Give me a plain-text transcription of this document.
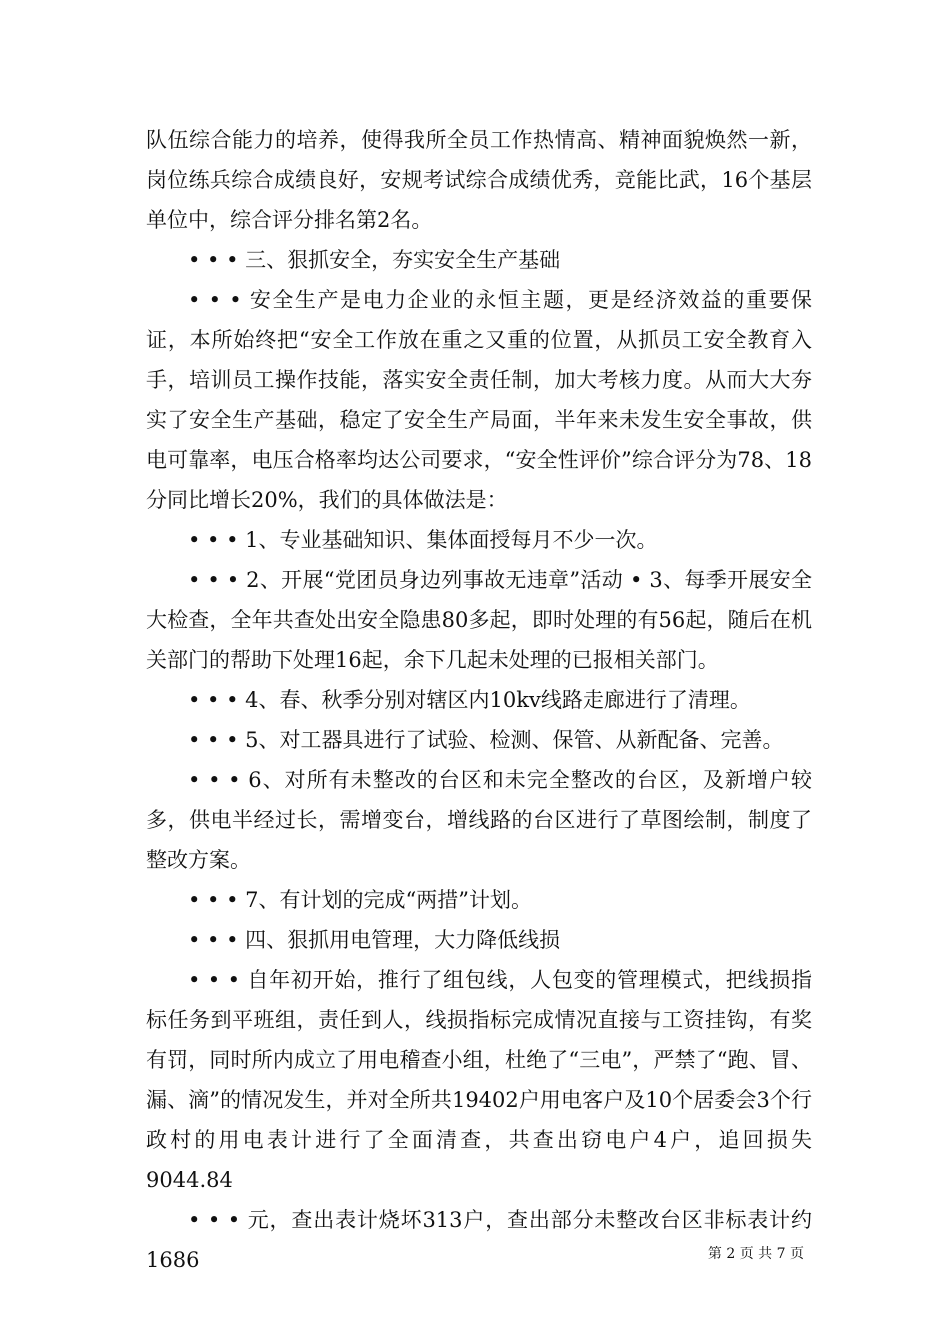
队伍综合能力的培养，使得我所全员工作热情高、精神面貌焕然一新，岗位练兵综合成绩良好，安规考试综合成绩优秀，竞能比武，16个基层单位中，综合评分排名第2名。

• • • 三、狠抓安全，夯实安全生产基础

• • • 安全生产是电力企业的永恒主题，更是经济效益的重要保证，本所始终把“安全工作放在重之又重的位置，从抓员工安全教育入手，培训员工操作技能，落实安全责任制，加大考核力度。从而大大夯实了安全生产基础，稳定了安全生产局面，半年来未发生安全事故，供电可靠率，电压合格率均达公司要求，“安全性评价”综合评分为78、18分同比增长20%，我们的具体做法是：

• • • 1、专业基础知识、集体面授每月不少一次。

• • • 2、开展“党团员身边列事故无违章”活动 • 3、每季开展安全大检查，全年共查处出安全隐患80多起，即时处理的有56起，随后在机关部门的帮助下处理16起，余下几起未处理的已报相关部门。

• • • 4、春、秋季分别对辖区内10kv线路走廊进行了清理。

• • • 5、对工器具进行了试验、检测、保管、从新配备、完善。

• • • 6、对所有未整改的台区和未完全整改的台区，及新增户较多，供电半经过长，需增变台，增线路的台区进行了草图绘制，制度了整改方案。

• • • 7、有计划的完成“两措”计划。

• • • 四、狠抓用电管理，大力降低线损

• • • 自年初开始，推行了组包线，人包变的管理模式，把线损指标任务到平班组，责任到人，线损指标完成情况直接与工资挂钩，有奖有罚，同时所内成立了用电稽查小组，杜绝了“三电”，严禁了“跑、冒、漏、滴”的情况发生，并对全所共19402户用电客户及10个居委会3个行政村的用电表计进行了全面清查，共查出窃电户4户，追回损失9044.84

• • • 元，查出表计烧坏313户，查出部分未整改台区非标表计约1686	第 2 页 共 7 页
